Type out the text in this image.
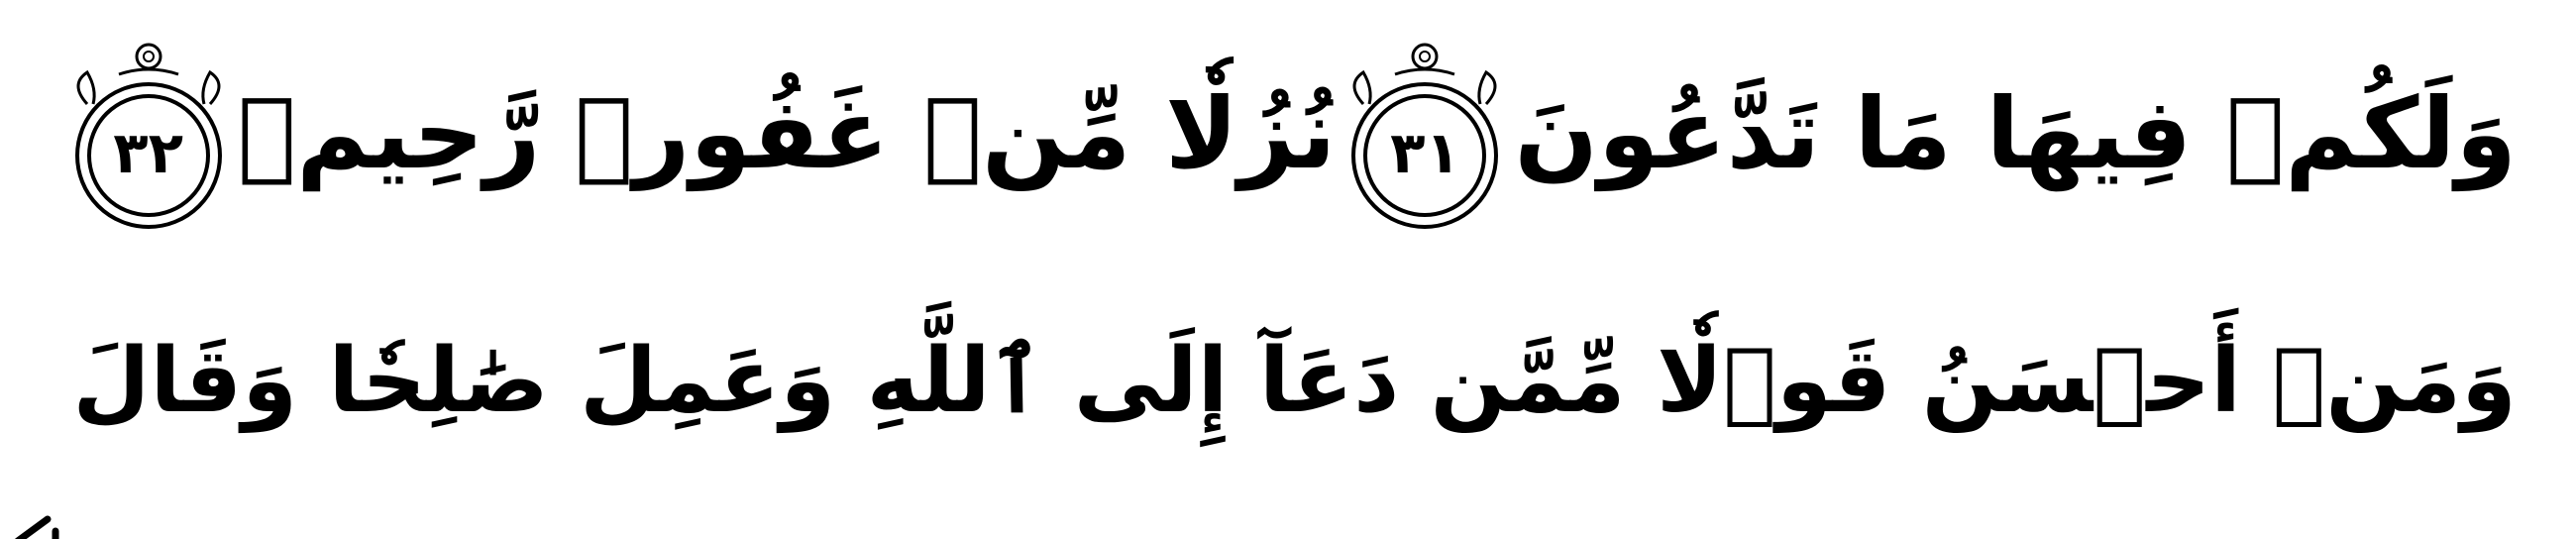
وَلَكُمۡ فِيهَا مَا تَدَّعُونَ
٣١
نُزُلٗا مِّنۡ غَفُورٖ رَّحِيمٖ
٣٢
وَمَنۡ أَحۡسَنُ قَوۡلٗا مِّمَّن دَعَآ إِلَى ٱللَّهِ وَعَمِلَ صَٰلِحٗا وَقَالَ
